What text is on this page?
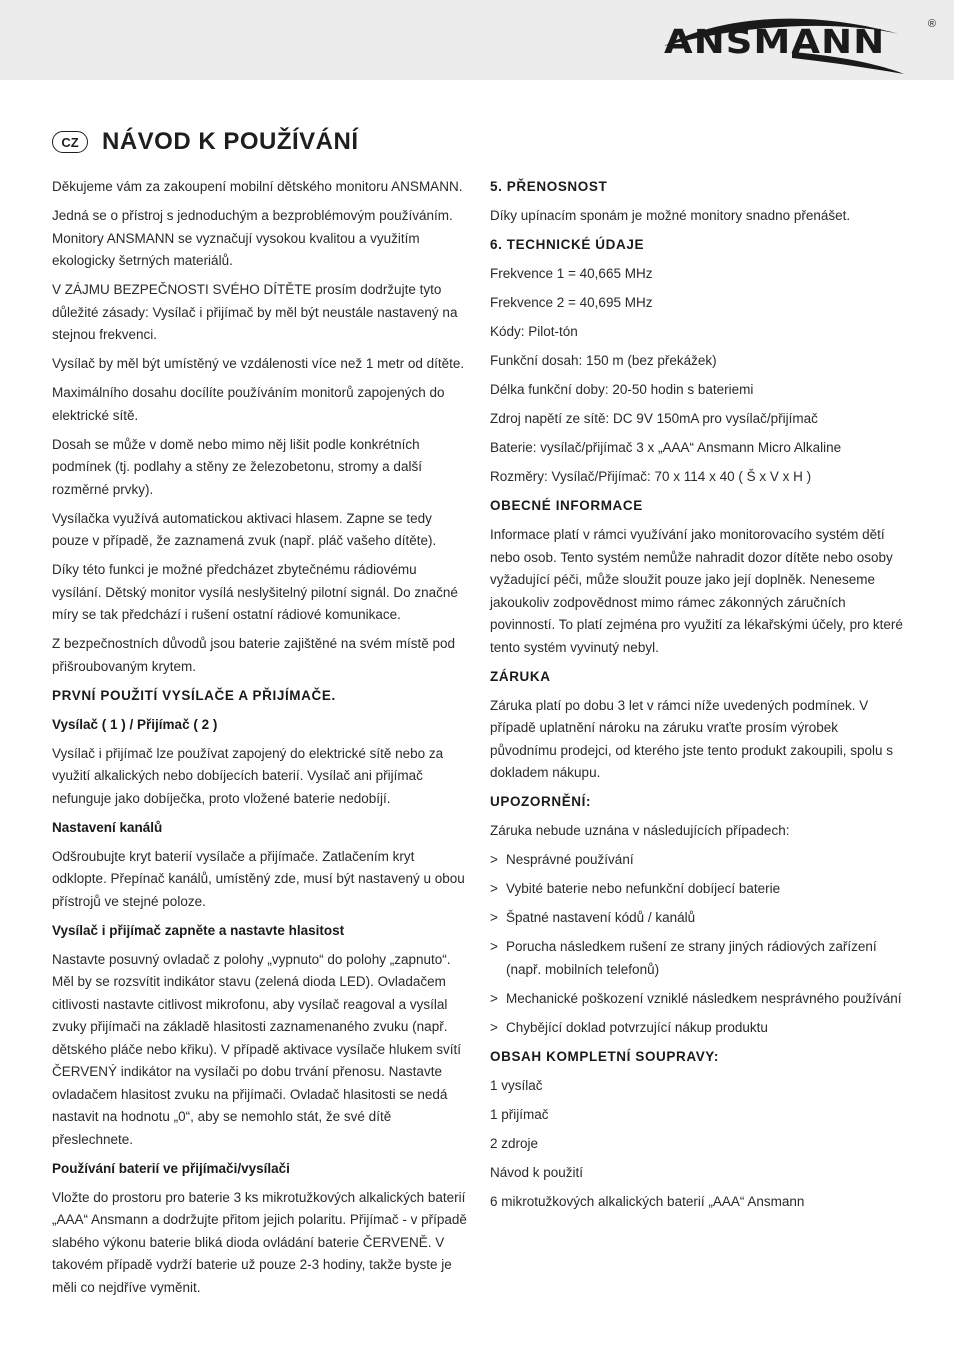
ANSMANN	®
CZ NÁVOD K POUŽÍVÁNÍ

Děkujeme vám za zakoupení mobilní dětského monitoru ANSMANN.

Jedná se o přístroj s jednoduchým a bezproblémovým používáním. Monitory ANSMANN se vyznačují vysokou kvalitou a využitím ekologicky šetrných materiálů.

V ZÁJMU BEZPEČNOSTI SVÉHO DÍTĚTE prosím dodržujte tyto důležité zásady: Vysílač i přijímač by měl být neustále nastavený na stejnou frekvenci.

Vysílač by měl být umístěný ve vzdálenosti více než 1 metr od dítěte.

Maximálního dosahu docílíte používáním monitorů zapojených do elektrické sítě.

Dosah se může v domě nebo mimo něj lišit podle konkrétních podmínek (tj. podlahy a stěny ze železobetonu, stromy a další rozměrné prvky).

Vysílačka využívá automatickou aktivaci hlasem. Zapne se tedy pouze v případě, že zaznamená zvuk (např. pláč vašeho dítěte).

Díky této funkci je možné předcházet zbytečnému rádiovému vysílání. Dětský monitor vysílá neslyšitelný pilotní signál. Do značné míry se tak předchází i rušení ostatní rádiové komunikace.

Z bezpečnostních důvodů jsou baterie zajištěné na svém místě pod přišroubovaným krytem.

PRVNÍ POUŽITÍ VYSÍLAČE A PŘIJÍMAČE.
Vysílač ( 1 ) / Přijímač ( 2 )

Vysílač i přijímač lze používat zapojený do elektrické sítě nebo za využití alkalických nebo dobíjecích baterií. Vysílač ani přijímač nefunguje jako dobíječka, proto vložené baterie nedobíjí.

Nastavení kanálů

Odšroubujte kryt baterií vysílače a přijímače. Zatlačením kryt odklopte. Přepínač kanálů, umístěný zde, musí být nastavený u obou přístrojů ve stejné poloze.

Vysílač i přijímač zapněte a nastavte hlasitost

Nastavte posuvný ovladač z polohy „vypnuto“ do polohy „zapnuto“. Měl by se rozsvítit indikátor stavu (zelená dioda LED). Ovladačem citlivosti nastavte citlivost mikrofonu, aby vysílač reagoval a vysílal zvuky přijímači na základě hlasitosti zaznamenaného zvuku (např. dětského pláče nebo křiku). V případě aktivace vysílače hlukem svítí ČERVENÝ indikátor na vysílači po dobu trvání přenosu. Nastavte ovladačem hlasitost zvuku na přijímači. Ovladač hlasitosti se nedá nastavit na hodnotu „0“, aby se nemohlo stát, že své dítě přeslechnete.

Používání baterií ve přijímači/vysílači

Vložte do prostoru pro baterie 3 ks mikrotužkových alkalických baterií „AAA“ Ansmann a dodržujte přitom jejich polaritu. Přijímač - v případě slabého výkonu baterie bliká dioda ovládání baterie ČERVENĚ. V takovém případě vydrží baterie už pouze 2-3 hodiny, takže byste je měli co nejdříve vyměnit.

5. PŘENOSNOST

Díky upínacím sponám je možné monitory snadno přenášet.

6. TECHNICKÉ ÚDAJE

Frekvence 1 = 40,665 MHz

Frekvence 2 = 40,695 MHz

Kódy: Pilot-tón

Funkční dosah: 150 m (bez překážek)

Délka funkční doby: 20-50 hodin s bateriemi

Zdroj napětí ze sítě: DC 9V 150mA pro vysílač/přijímač

Baterie: vysílač/přijímač 3 x „AAA“ Ansmann Micro Alkaline

Rozměry: Vysílač/Přijímač: 70 x 114 x 40 ( Š x V x H )

OBECNÉ INFORMACE

Informace platí v rámci využívání jako monitorovacího systém dětí nebo osob. Tento systém nemůže nahradit dozor dítěte nebo osoby vyžadující péči, může sloužit pouze jako její doplněk. Neneseme jakoukoliv zodpovědnost mimo rámec zákonných záručních povinností. To platí zejména pro využití za lékařskými účely, pro které tento systém vyvinutý nebyl.

ZÁRUKA

Záruka platí po dobu 3 let v rámci níže uvedených podmínek. V případě uplatnění nároku na záruku vraťte prosím výrobek původnímu prodejci, od kterého jste tento produkt zakoupili, spolu s dokladem nákupu.

UPOZORNĚNÍ:

Záruka nebude uznána v následujících případech:

> Nesprávné používání
> Vybité baterie nebo nefunkční dobíjecí baterie
> Špatné nastavení kódů / kanálů
> Porucha následkem rušení ze strany jiných rádiových zařízení (např. mobilních telefonů)
> Mechanické poškození vzniklé následkem nesprávného používání
> Chybějící doklad potvrzující nákup produktu
OBSAH KOMPLETNÍ SOUPRAVY:

1 vysílač

1 přijímač

2 zdroje

Návod k použití

6 mikrotužkových alkalických baterií „AAA“ Ansmann
